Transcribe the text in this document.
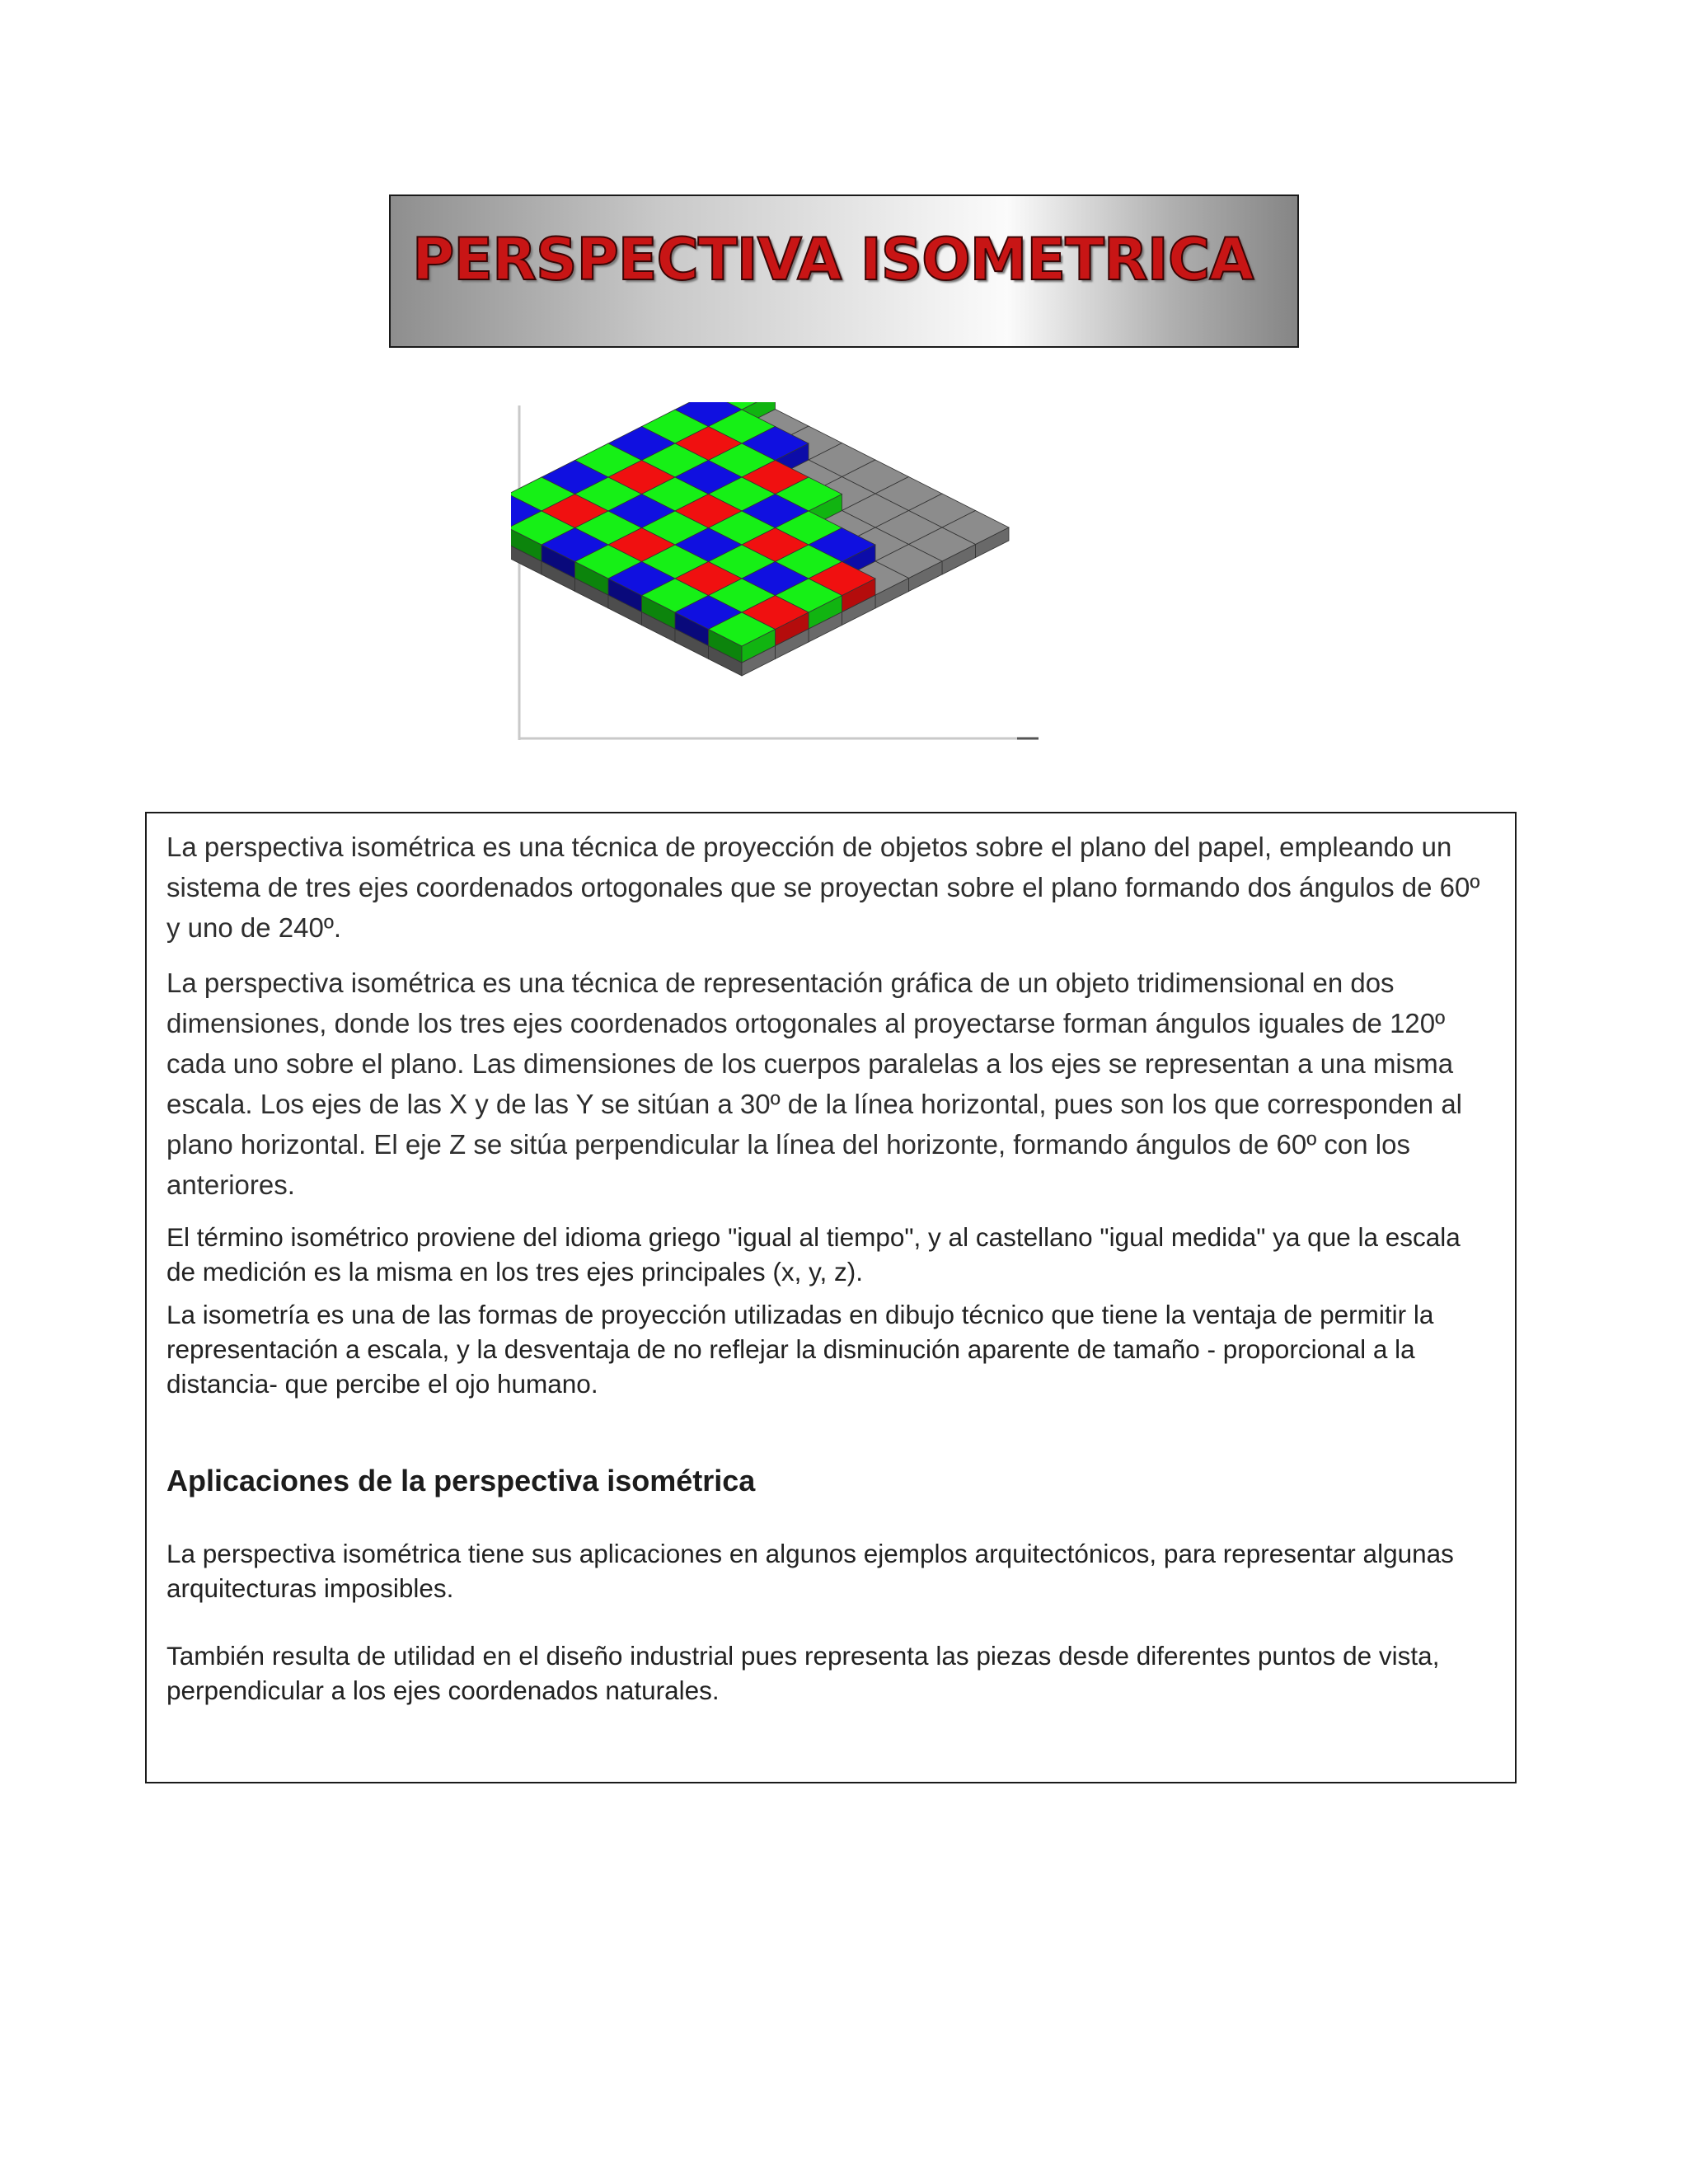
PERSPECTIVA ISOMETRICA

La perspectiva isométrica es una técnica de proyección de objetos sobre el plano del papel, empleando un sistema de tres ejes coordenados ortogonales que se proyectan sobre el plano formando dos ángulos de 60º y uno de 240º.

La perspectiva isométrica es una técnica de representación gráfica de un objeto tridimensional en dos dimensiones, donde los tres ejes coordenados ortogonales al proyectarse forman ángulos iguales de 120º cada uno sobre el plano. Las dimensiones de los cuerpos paralelas a los ejes se representan a una misma escala. Los ejes de las X y de las Y se sitúan a 30º de la línea horizontal, pues son los que corresponden al plano horizontal. El eje Z se sitúa perpendicular la línea del horizonte, formando ángulos de 60º con los anteriores.

El término isométrico proviene del idioma griego "igual al tiempo", y al castellano "igual medida" ya que la escala de medición es la misma en los tres ejes principales (x, y, z).

La isometría es una de las formas de proyección utilizadas en dibujo técnico que tiene la ventaja de permitir la representación a escala, y la desventaja de no reflejar la disminución aparente de tamaño - proporcional a la distancia- que percibe el ojo humano.

Aplicaciones de la perspectiva isométrica

La perspectiva isométrica tiene sus aplicaciones en algunos ejemplos arquitectónicos, para representar algunas arquitecturas imposibles.

También resulta de utilidad en el diseño industrial pues representa las piezas desde diferentes puntos de vista, perpendicular a los ejes coordenados naturales.
